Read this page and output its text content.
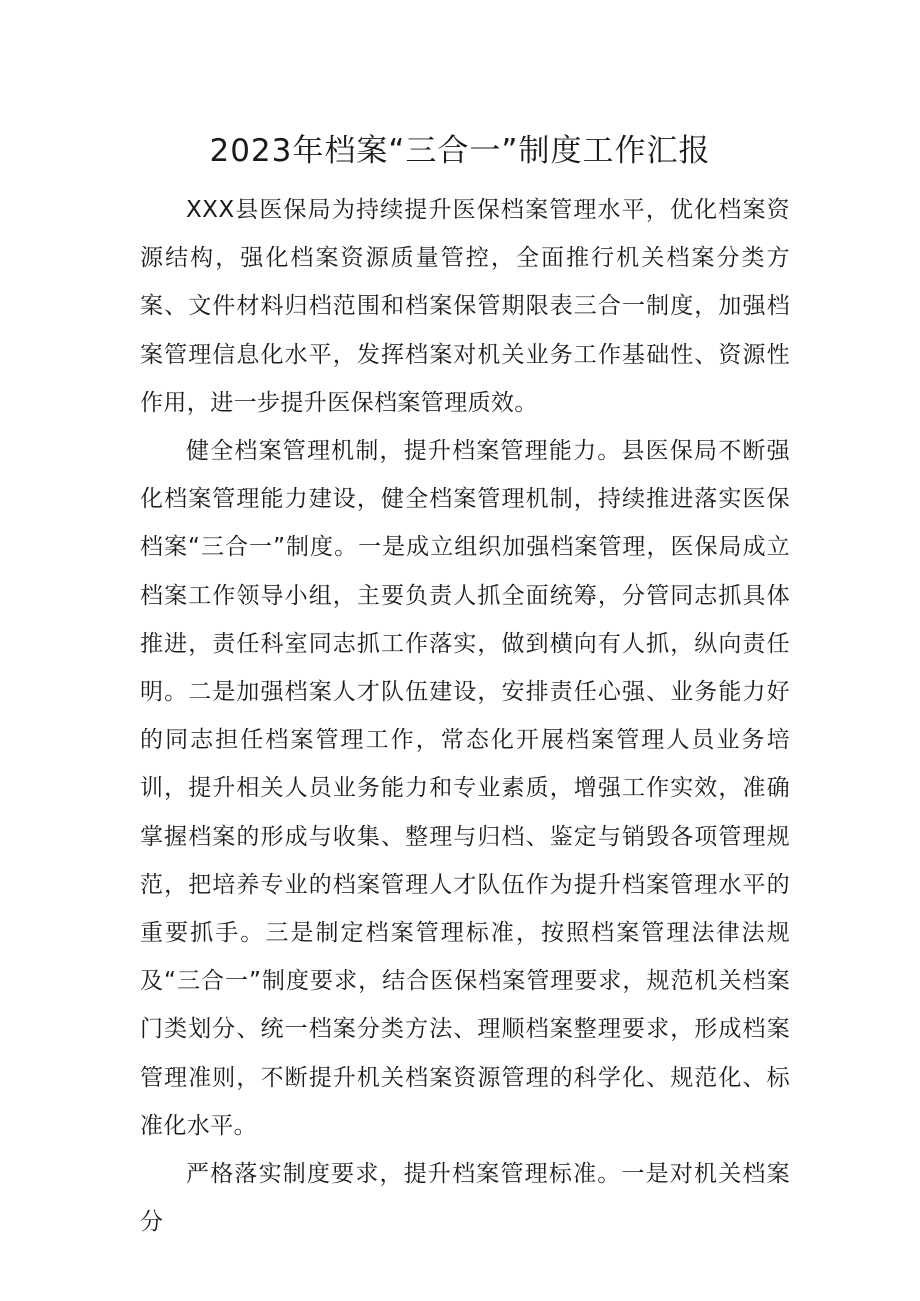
2023年档案“三合一”制度工作汇报

XXX县医保局为持续提升医保档案管理水平，优化档案资源结构，强化档案资源质量管控，全面推行机关档案分类方案、文件材料归档范围和档案保管期限表三合一制度，加强档案管理信息化水平，发挥档案对机关业务工作基础性、资源性作用，进一步提升医保档案管理质效。

健全档案管理机制，提升档案管理能力。县医保局不断强化档案管理能力建设，健全档案管理机制，持续推进落实医保档案“三合一”制度。一是成立组织加强档案管理，医保局成立档案工作领导小组，主要负责人抓全面统筹，分管同志抓具体推进，责任科室同志抓工作落实，做到横向有人抓，纵向责任明。二是加强档案人才队伍建设，安排责任心强、业务能力好的同志担任档案管理工作，常态化开展档案管理人员业务培训，提升相关人员业务能力和专业素质，增强工作实效，准确掌握档案的形成与收集、整理与归档、鉴定与销毁各项管理规范，把培养专业的档案管理人才队伍作为提升档案管理水平的重要抓手。三是制定档案管理标准，按照档案管理法律法规及“三合一”制度要求，结合医保档案管理要求，规范机关档案门类划分、统一档案分类方法、理顺档案整理要求，形成档案管理准则，不断提升机关档案资源管理的科学化、规范化、标准化水平。

严格落实制度要求，提升档案管理标准。一是对机关档案分
